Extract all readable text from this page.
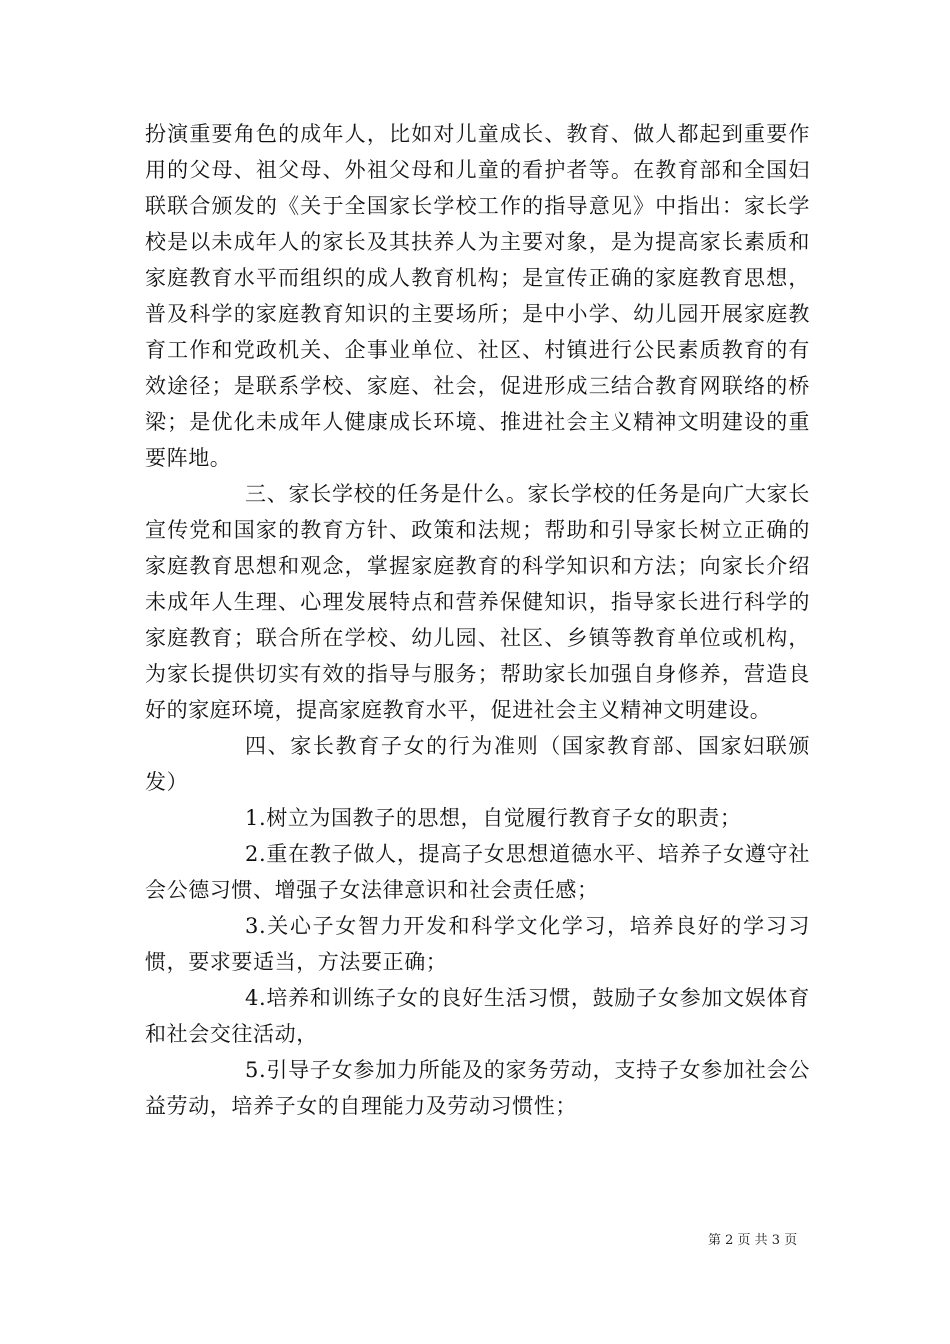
扮演重要角色的成年人，比如对儿童成长、教育、做人都起到重要作用的父母、祖父母、外祖父母和儿童的看护者等。在教育部和全国妇联联合颁发的《关于全国家长学校工作的指导意见》中指出：家长学校是以未成年人的家长及其扶养人为主要对象，是为提高家长素质和家庭教育水平而组织的成人教育机构；是宣传正确的家庭教育思想，普及科学的家庭教育知识的主要场所；是中小学、幼儿园开展家庭教育工作和党政机关、企事业单位、社区、村镇进行公民素质教育的有效途径；是联系学校、家庭、社会，促进形成三结合教育网联络的桥梁；是优化未成年人健康成长环境、推进社会主义精神文明建设的重要阵地。

三、家长学校的任务是什么。家长学校的任务是向广大家长宣传党和国家的教育方针、政策和法规；帮助和引导家长树立正确的家庭教育思想和观念，掌握家庭教育的科学知识和方法；向家长介绍未成年人生理、心理发展特点和营养保健知识，指导家长进行科学的家庭教育；联合所在学校、幼儿园、社区、乡镇等教育单位或机构，为家长提供切实有效的指导与服务；帮助家长加强自身修养，营造良好的家庭环境，提高家庭教育水平，促进社会主义精神文明建设。

四、家长教育子女的行为准则（国家教育部、国家妇联颁发）

1.树立为国教子的思想，自觉履行教育子女的职责；

2.重在教子做人，提高子女思想道德水平、培养子女遵守社会公德习惯、增强子女法律意识和社会责任感；

3.关心子女智力开发和科学文化学习，培养良好的学习习惯，要求要适当，方法要正确；

4.培养和训练子女的良好生活习惯，鼓励子女参加文娱体育和社会交往活动，

5.引导子女参加力所能及的家务劳动，支持子女参加社会公益劳动，培养子女的自理能力及劳动习惯性；

第 2 页 共 3 页
